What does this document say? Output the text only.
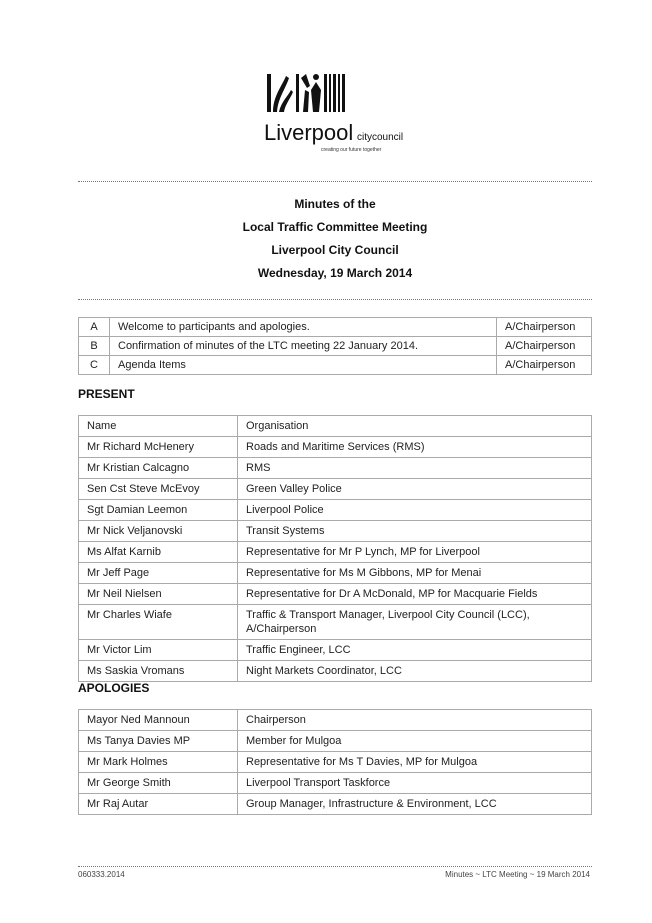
Liverpool citycouncil
creating our future together
Minutes of the
Local Traffic Committee Meeting
Liverpool City Council
Wednesday, 19 March 2014
A	Welcome to participants and apologies.	A/Chairperson
B	Confirmation of minutes of the LTC meeting 22 January 2014.	A/Chairperson
C	Agenda Items	A/Chairperson
PRESENT
Name	Organisation
Mr Richard McHenery	Roads and Maritime Services (RMS)
Mr Kristian Calcagno	RMS
Sen Cst Steve McEvoy	Green Valley Police
Sgt Damian Leemon	Liverpool Police
Mr Nick Veljanovski	Transit Systems
Ms Alfat Karnib	Representative for Mr P Lynch, MP for Liverpool
Mr Jeff Page	Representative for Ms M Gibbons, MP for Menai
Mr Neil Nielsen	Representative for Dr A McDonald, MP for Macquarie Fields
Mr Charles Wiafe	Traffic & Transport Manager, Liverpool City Council (LCC), A/Chairperson
Mr Victor Lim	Traffic Engineer, LCC
Ms Saskia Vromans	Night Markets Coordinator, LCC
APOLOGIES
Mayor Ned Mannoun	Chairperson
Ms Tanya Davies MP	Member for Mulgoa
Mr Mark Holmes	Representative for Ms T Davies, MP for Mulgoa
Mr George Smith	Liverpool Transport Taskforce
Mr Raj Autar	Group Manager, Infrastructure & Environment, LCC
060333.2014	Minutes ~ LTC Meeting ~ 19 March 2014
